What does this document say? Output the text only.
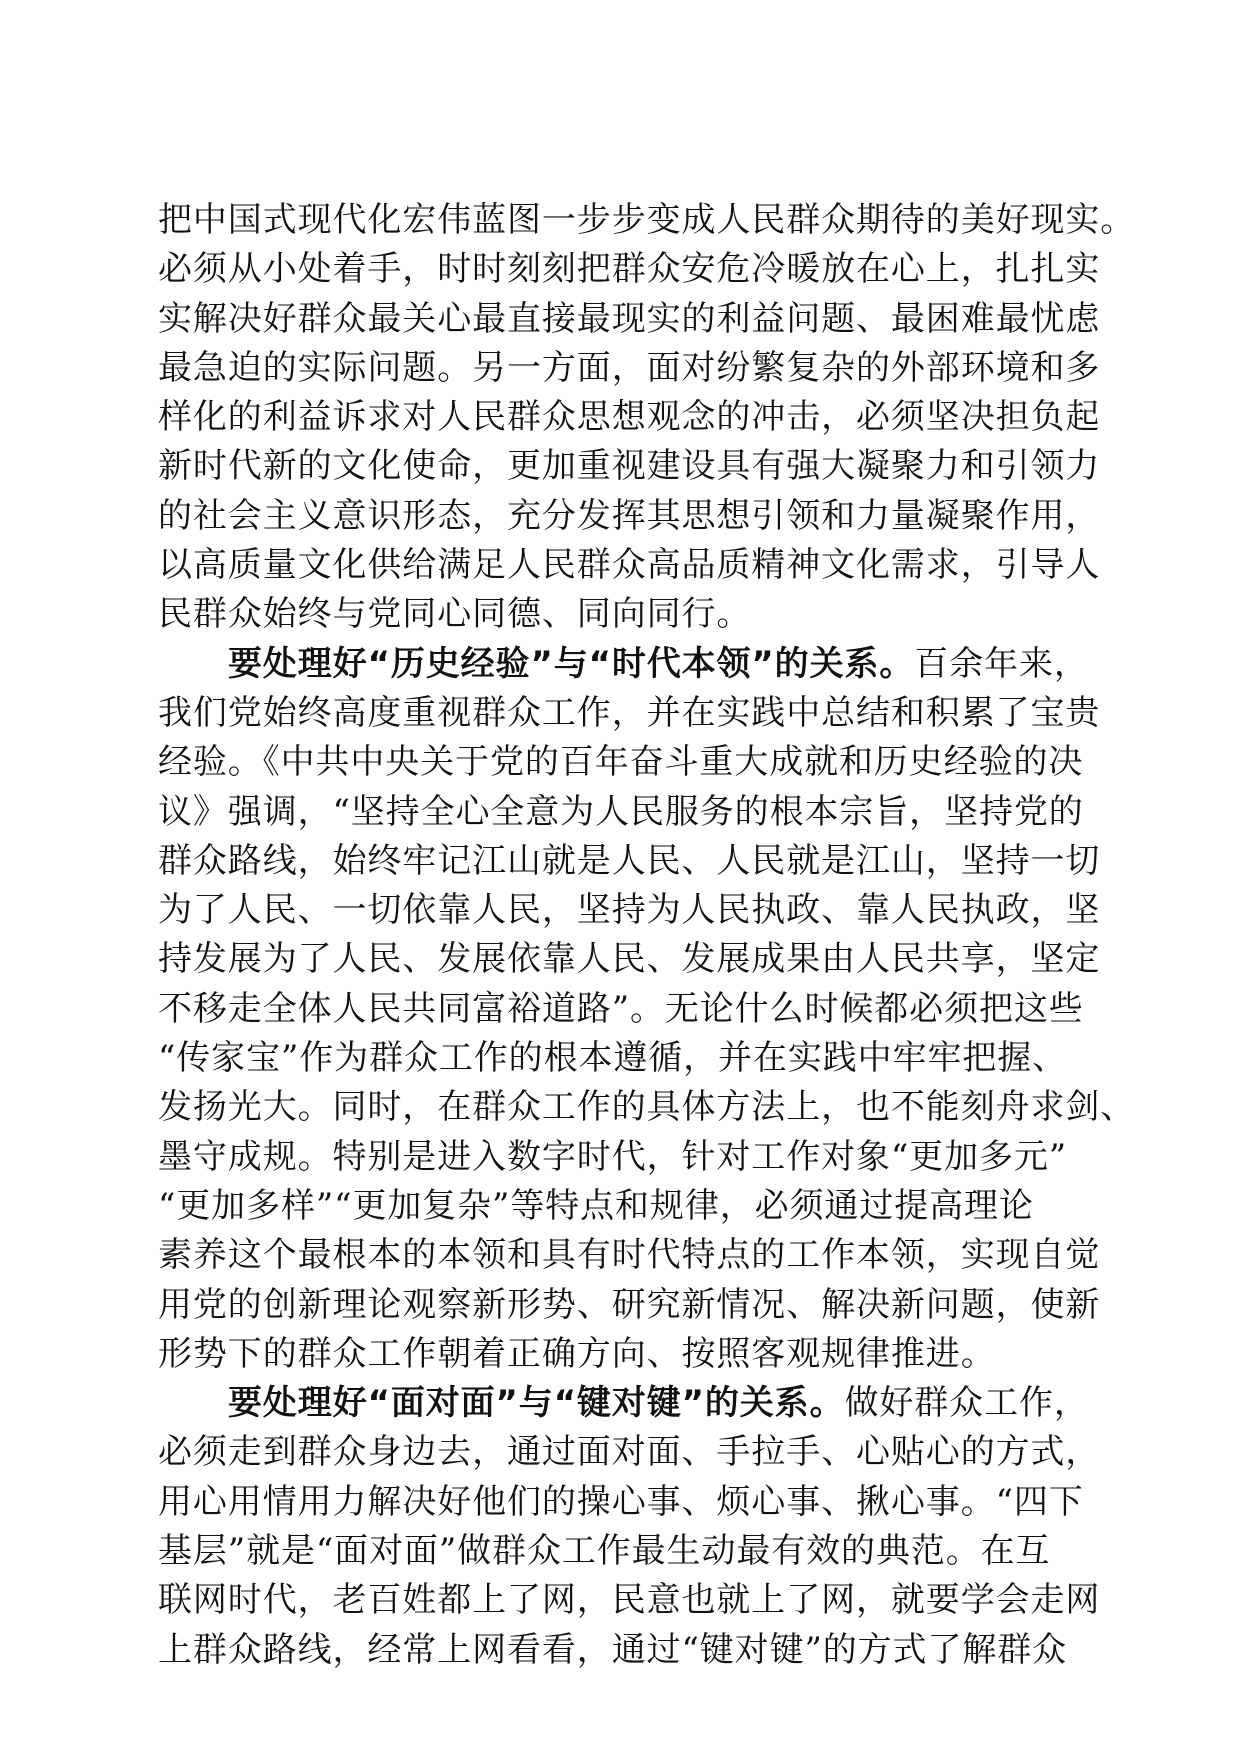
把中国式现代化宏伟蓝图一步步变成人民群众期待的美好现实。
必须从小处着手，时时刻刻把群众安危冷暖放在心上，扎扎实
实解决好群众最关心最直接最现实的利益问题、最困难最忧虑
最急迫的实际问题。另一方面，面对纷繁复杂的外部环境和多
样化的利益诉求对人民群众思想观念的冲击，必须坚决担负起
新时代新的文化使命，更加重视建设具有强大凝聚力和引领力
的社会主义意识形态，充分发挥其思想引领和力量凝聚作用，
以高质量文化供给满足人民群众高品质精神文化需求，引导人
民群众始终与党同心同德、同向同行。
要处理好“历史经验”与“时代本领”的关系。百余年来，
我们党始终高度重视群众工作，并在实践中总结和积累了宝贵
经验。《中共中央关于党的百年奋斗重大成就和历史经验的决
议》强调，“坚持全心全意为人民服务的根本宗旨，坚持党的
群众路线，始终牢记江山就是人民、人民就是江山，坚持一切
为了人民、一切依靠人民，坚持为人民执政、靠人民执政，坚
持发展为了人民、发展依靠人民、发展成果由人民共享，坚定
不移走全体人民共同富裕道路”。无论什么时候都必须把这些
“传家宝”作为群众工作的根本遵循，并在实践中牢牢把握、
发扬光大。同时，在群众工作的具体方法上，也不能刻舟求剑、
墨守成规。特别是进入数字时代，针对工作对象“更加多元”
“更加多样”“更加复杂”等特点和规律，必须通过提高理论
素养这个最根本的本领和具有时代特点的工作本领，实现自觉
用党的创新理论观察新形势、研究新情况、解决新问题，使新
形势下的群众工作朝着正确方向、按照客观规律推进。
要处理好“面对面”与“键对键”的关系。做好群众工作，
必须走到群众身边去，通过面对面、手拉手、心贴心的方式，
用心用情用力解决好他们的操心事、烦心事、揪心事。“四下
基层”就是“面对面”做群众工作最生动最有效的典范。在互
联网时代，老百姓都上了网，民意也就上了网，就要学会走网
上群众路线，经常上网看看，通过“键对键”的方式了解群众
